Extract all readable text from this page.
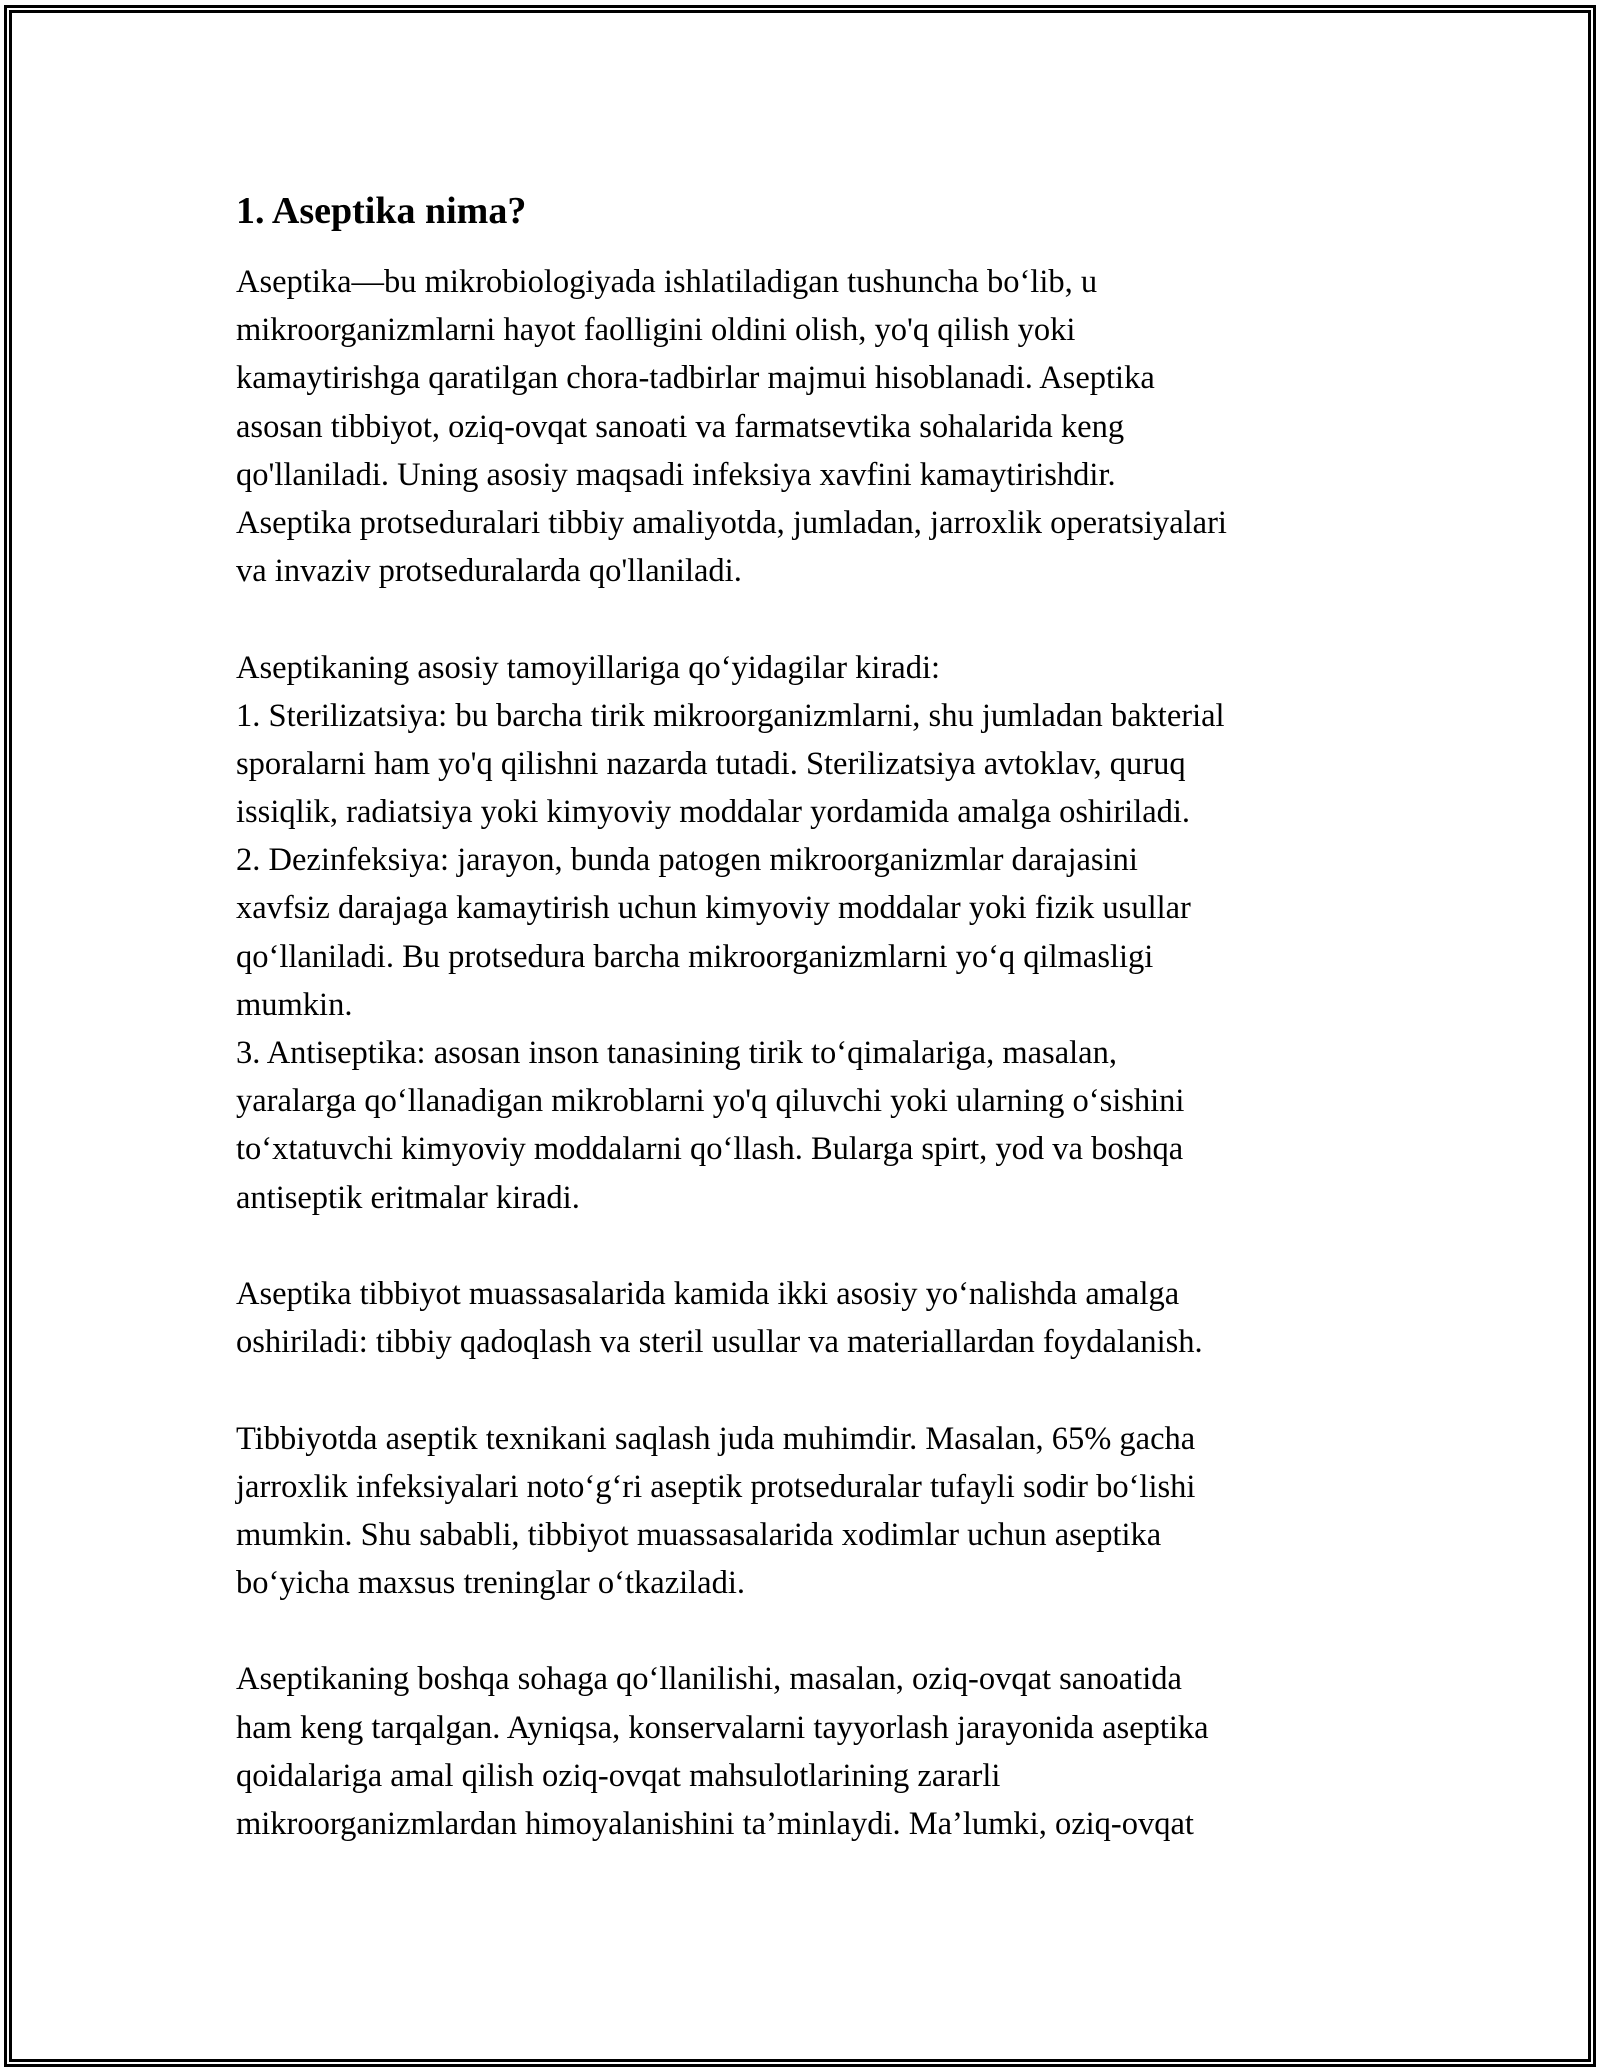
1. Aseptika nima?
Aseptika—bu mikrobiologiyada ishlatiladigan tushuncha bo‘lib, u
mikroorganizmlarni hayot faolligini oldini olish, yo'q qilish yoki
kamaytirishga qaratilgan chora-tadbirlar majmui hisoblanadi. Aseptika
asosan tibbiyot, oziq-ovqat sanoati va farmatsevtika sohalarida keng
qo'llaniladi. Uning asosiy maqsadi infeksiya xavfini kamaytirishdir.
Aseptika protseduralari tibbiy amaliyotda, jumladan, jarroxlik operatsiyalari
va invaziv protseduralarda qo'llaniladi.
Aseptikaning asosiy tamoyillariga qo‘yidagilar kiradi:
1. Sterilizatsiya: bu barcha tirik mikroorganizmlarni, shu jumladan bakterial
sporalarni ham yo'q qilishni nazarda tutadi. Sterilizatsiya avtoklav, quruq
issiqlik, radiatsiya yoki kimyoviy moddalar yordamida amalga oshiriladi.
2. Dezinfeksiya: jarayon, bunda patogen mikroorganizmlar darajasini
xavfsiz darajaga kamaytirish uchun kimyoviy moddalar yoki fizik usullar
qo‘llaniladi. Bu protsedura barcha mikroorganizmlarni yo‘q qilmasligi
mumkin.
3. Antiseptika: asosan inson tanasining tirik to‘qimalariga, masalan,
yaralarga qo‘llanadigan mikroblarni yo'q qiluvchi yoki ularning o‘sishini
to‘xtatuvchi kimyoviy moddalarni qo‘llash. Bularga spirt, yod va boshqa
antiseptik eritmalar kiradi.
Aseptika tibbiyot muassasalarida kamida ikki asosiy yo‘nalishda amalga
oshiriladi: tibbiy qadoqlash va steril usullar va materiallardan foydalanish.
Tibbiyotda aseptik texnikani saqlash juda muhimdir. Masalan, 65% gacha
jarroxlik infeksiyalari noto‘g‘ri aseptik protseduralar tufayli sodir bo‘lishi
mumkin. Shu sababli, tibbiyot muassasalarida xodimlar uchun aseptika
bo‘yicha maxsus treninglar o‘tkaziladi.
Aseptikaning boshqa sohaga qo‘llanilishi, masalan, oziq-ovqat sanoatida
ham keng tarqalgan. Ayniqsa, konservalarni tayyorlash jarayonida aseptika
qoidalariga amal qilish oziq-ovqat mahsulotlarining zararli
mikroorganizmlardan himoyalanishini ta’minlaydi. Ma’lumki, oziq-ovqat
